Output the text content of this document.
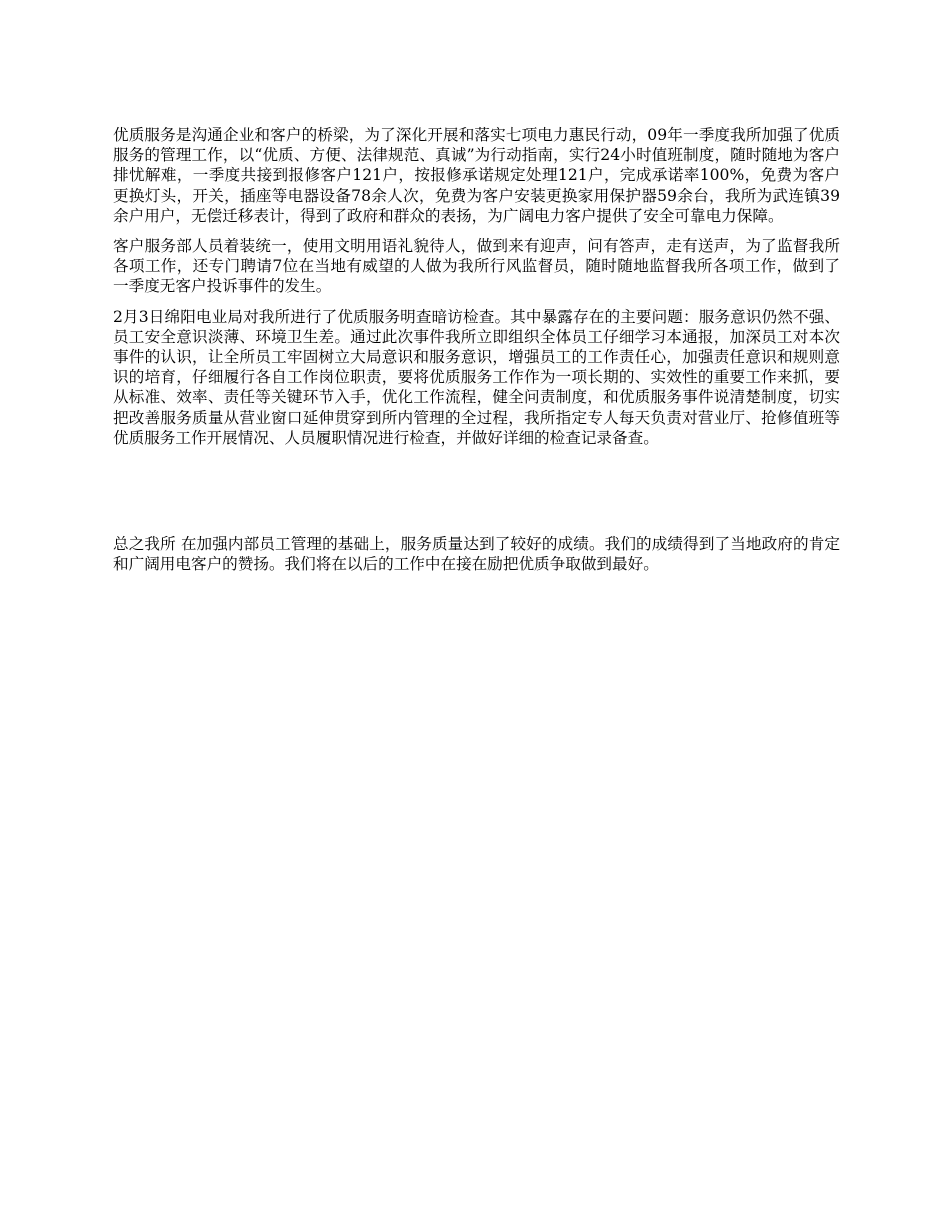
优质服务是沟通企业和客户的桥梁，为了深化开展和落实七项电力惠民行动，09年一季度我所加强了优质服务的管理工作，以“优质、方便、法律规范、真诚”为行动指南，实行24小时值班制度，随时随地为客户排忧解难，一季度共接到报修客户121户，按报修承诺规定处理121户，完成承诺率100%，免费为客户更换灯头，开关，插座等电器设备78余人次，免费为客户安装更换家用保护器59余台，我所为武连镇39余户用户，无偿迁移表计，得到了政府和群众的表扬，为广阔电力客户提供了安全可靠电力保障。

客户服务部人员着装统一，使用文明用语礼貌待人，做到来有迎声，问有答声，走有送声，为了监督我所各项工作，还专门聘请7位在当地有威望的人做为我所行风监督员，随时随地监督我所各项工作，做到了一季度无客户投诉事件的发生。

2月3日绵阳电业局对我所进行了优质服务明查暗访检查。其中暴露存在的主要问题：服务意识仍然不强、员工安全意识淡薄、环境卫生差。通过此次事件我所立即组织全体员工仔细学习本通报，加深员工对本次事件的认识，让全所员工牢固树立大局意识和服务意识，增强员工的工作责任心，加强责任意识和规则意识的培育，仔细履行各自工作岗位职责，要将优质服务工作作为一项长期的、实效性的重要工作来抓，要从标准、效率、责任等关键环节入手，优化工作流程，健全问责制度，和优质服务事件说清楚制度，切实把改善服务质量从营业窗口延伸贯穿到所内管理的全过程，我所指定专人每天负责对营业厅、抢修值班等优质服务工作开展情况、人员履职情况进行检查，并做好详细的检查记录备查。

总之我所 在加强内部员工管理的基础上，服务质量达到了较好的成绩。我们的成绩得到了当地政府的肯定和广阔用电客户的赞扬。我们将在以后的工作中在接在励把优质争取做到最好。
